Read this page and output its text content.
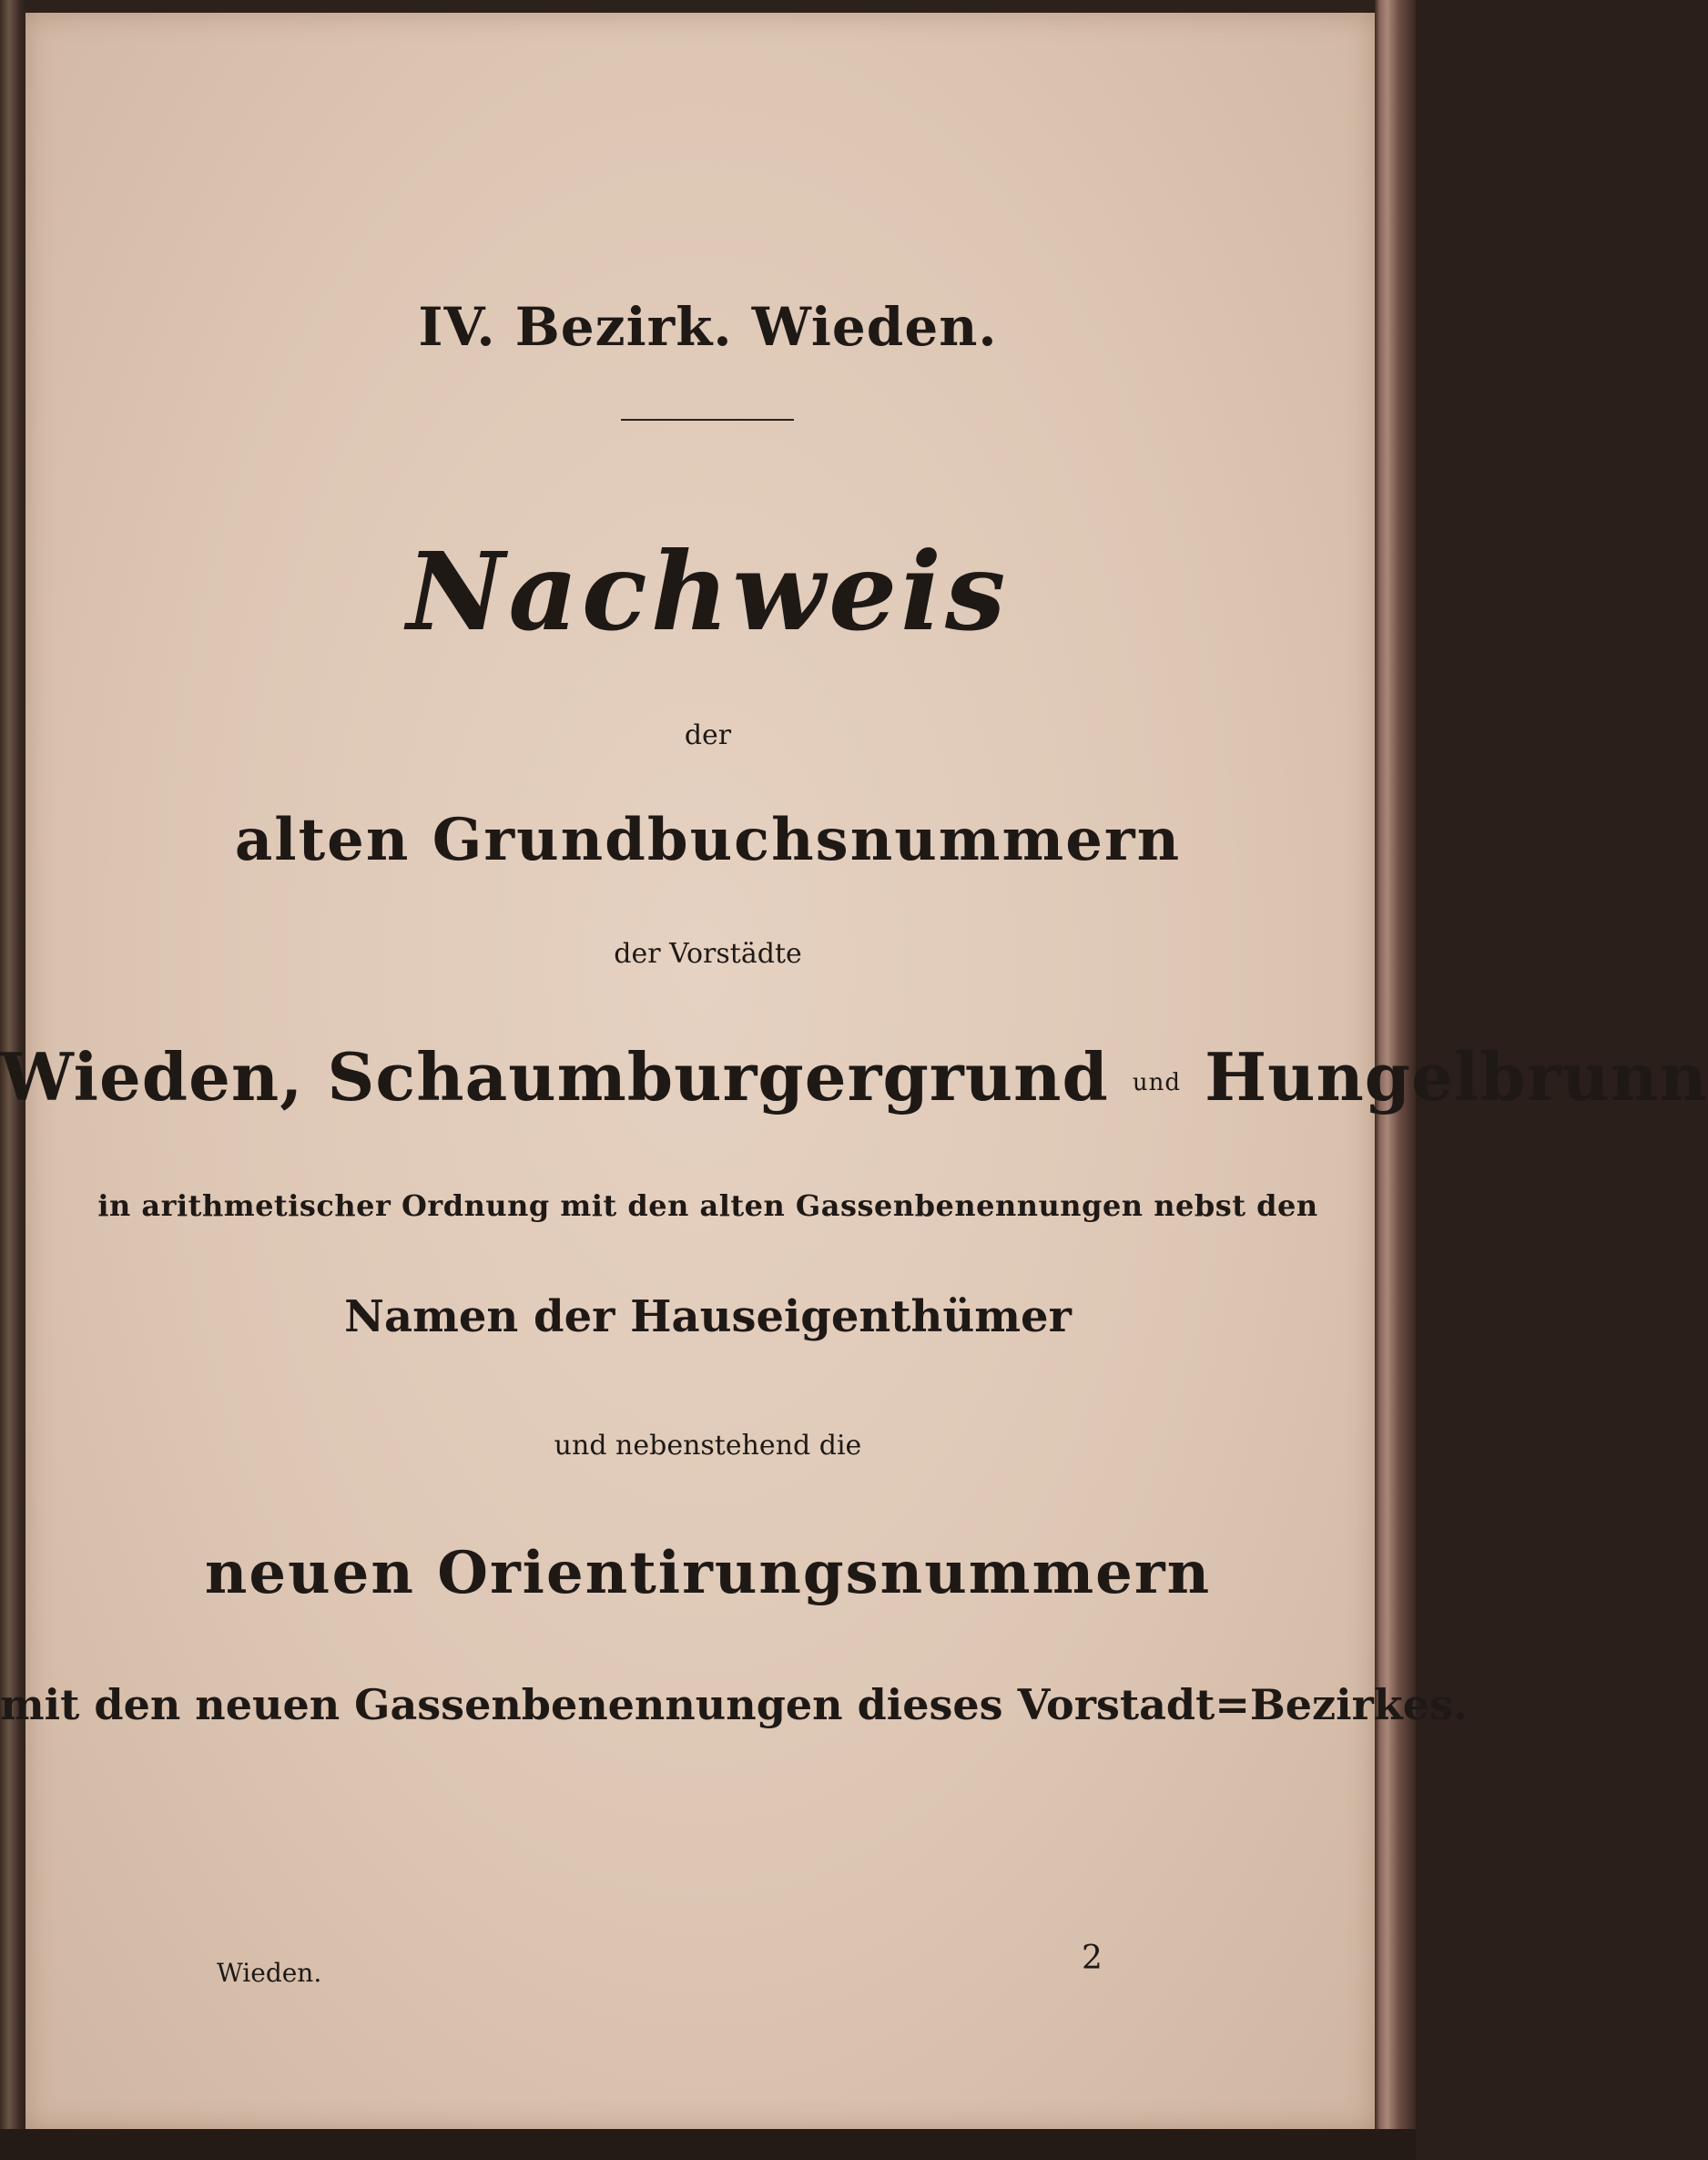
IV. Bezirk. Wieden.
Nachweis
der
alten Grundbuchsnummern
der Vorstädte
Wieden, Schaumburgergrund und Hungelbrunn
in arithmetischer Ordnung mit den alten Gassenbenennungen nebst den
Namen der Hauseigenthümer
und nebenstehend die
neuen Orientirungsnummern
mit den neuen Gassenbenennungen dieses Vorstadt=Bezirkes.
Wieden.	2
